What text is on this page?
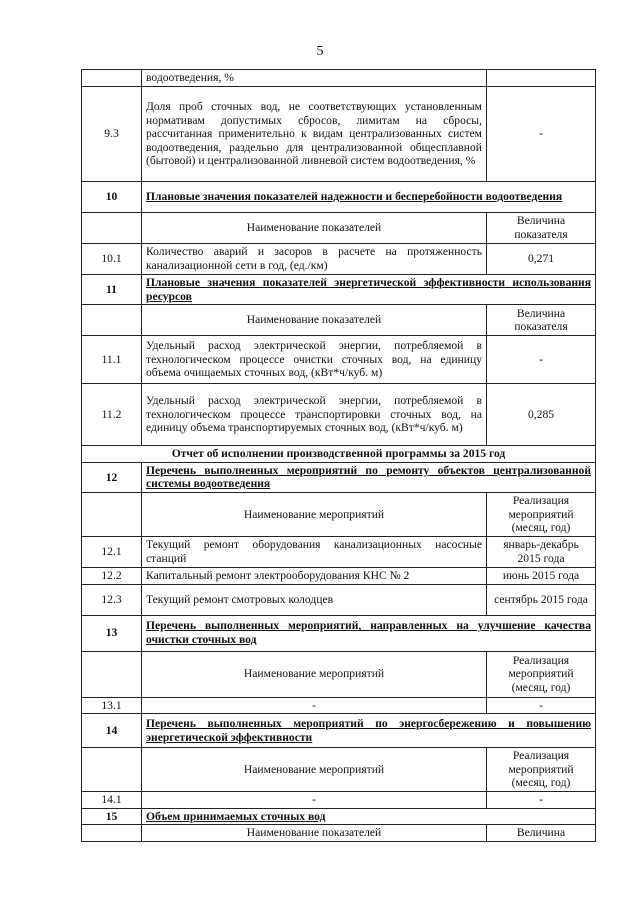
5
	водоотведения, %	
9.3	Доля проб сточных вод, не соответствующих установленным нормативам допустимых сбросов, лимитам на сбросы, рассчитанная применительно к видам централизованных систем водоотведения, раздельно для централизованной общесплавной (бытовой) и централизованной ливневой систем водоотведения, %	-
10	Плановые значения показателей надежности и бесперебойности водоотведения	
	Наименование показателей	Величина показателя
10.1	Количество аварий и засоров в расчете на протяженность канализационной сети в год, (ед./км)	0,271
11	Плановые значения показателей энергетической эффективности использования ресурсов	
	Наименование показателей	Величина показателя
11.1	Удельный расход электрической энергии, потребляемой в технологическом процессе очистки сточных вод, на единицу объема очищаемых сточных вод, (кВт*ч/куб. м)	-
11.2	Удельный расход электрической энергии, потребляемой в технологическом процессе транспортировки сточных вод, на единицу объема транспортируемых сточных вод, (кВт*ч/куб. м)	0,285
Отчет об исполнении производственной программы за 2015 год		
12	Перечень выполненных мероприятий по ремонту объектов централизованной системы водоотведения	
	Наименование мероприятий	Реализация мероприятий (месяц, год)
12.1	Текущий ремонт оборудования канализационных насосные станций	январь-декабрь 2015 года
12.2	Капитальный ремонт электрооборудования КНС № 2	июнь 2015 года
12.3	Текущий ремонт смотровых колодцев	сентябрь 2015 года
13	Перечень выполненных мероприятий, направленных на улучшение качества очистки сточных вод	
	Наименование мероприятий	Реализация мероприятий (месяц, год)
13.1	-	-
14	Перечень выполненных мероприятий по энергосбережению и повышению энергетической эффективности	
	Наименование мероприятий	Реализация мероприятий (месяц, год)
14.1	-	-
15	Объем принимаемых сточных вод	
	Наименование показателей	Величина
